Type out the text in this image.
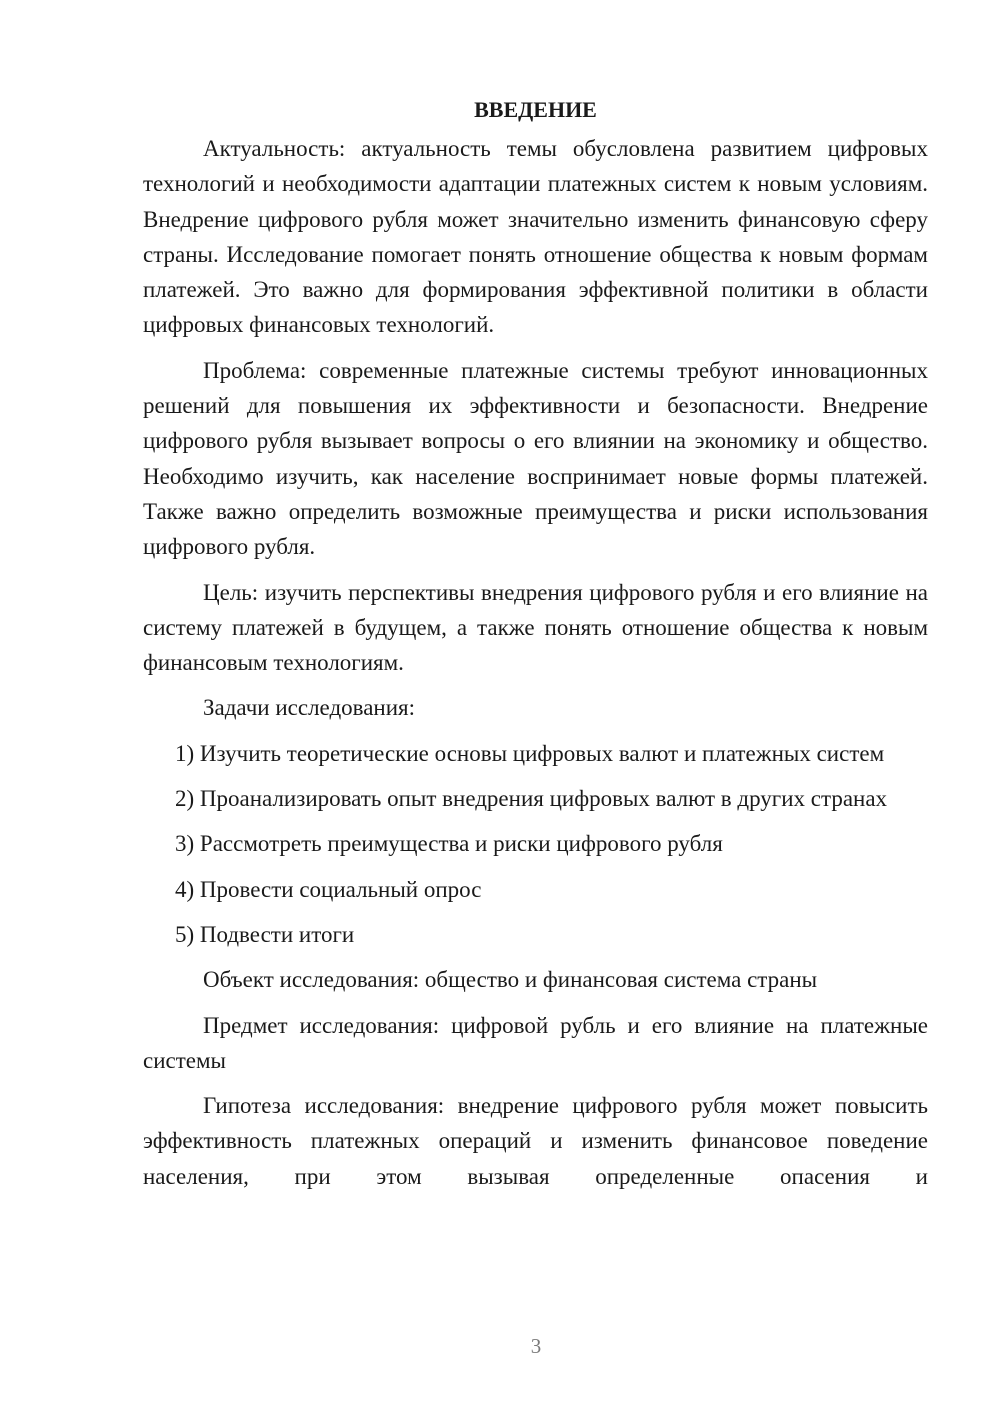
ВВЕДЕНИЕ

Актуальность: актуальность темы обусловлена развитием цифровых технологий и необходимости адаптации платежных систем к новым условиям. Внедрение цифрового рубля может значительно изменить финансовую сферу страны. Исследование помогает понять отношение общества к новым формам платежей. Это важно для формирования эффективной политики в области цифровых финансовых технологий.

Проблема: современные платежные системы требуют инновационных решений для повышения их эффективности и безопасности. Внедрение цифрового рубля вызывает вопросы о его влиянии на экономику и общество. Необходимо изучить, как население воспринимает новые формы платежей. Также важно определить возможные преимущества и риски использования цифрового рубля.

Цель: изучить перспективы внедрения цифрового рубля и его влияние на систему платежей в будущем, а также понять отношение общества к новым финансовым технологиям.

Задачи исследования:

1) Изучить теоретические основы цифровых валют и платежных систем

2) Проанализировать опыт внедрения цифровых валют в других странах

3) Рассмотреть преимущества и риски цифрового рубля

4) Провести социальный опрос

5) Подвести итоги

Объект исследования: общество и финансовая система страны

Предмет исследования: цифровой рубль и его влияние на платежные системы

Гипотеза исследования: внедрение цифрового рубля может повысить эффективность платежных операций и изменить финансовое поведение населения, при этом вызывая определенные опасения и

3
